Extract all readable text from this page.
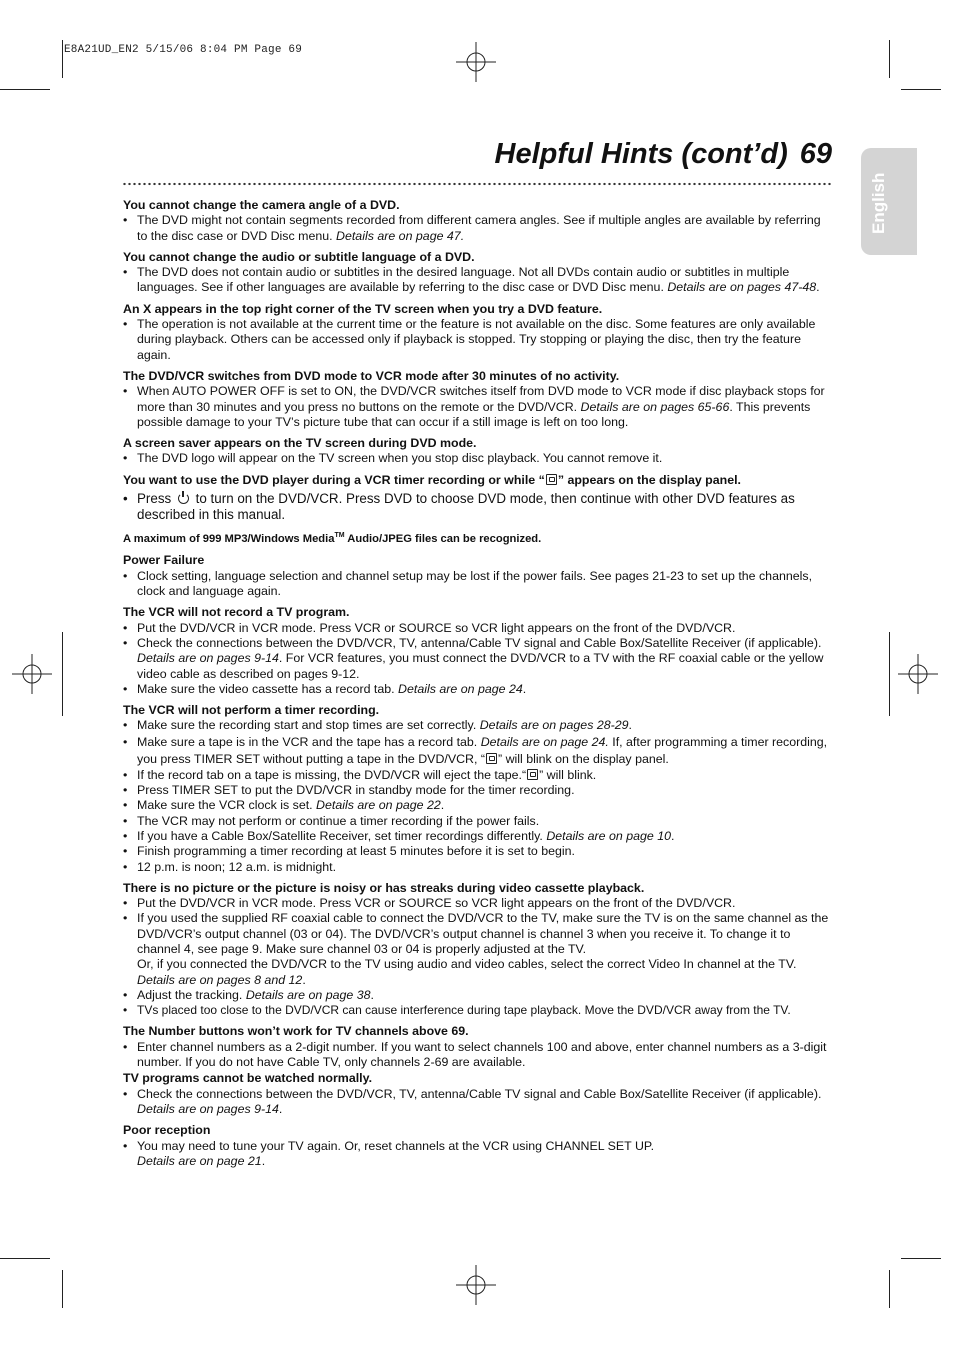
E8A21UD_EN2 5/15/06 8:04 PM Page 69
Helpful Hints (cont’d) 69
English
You cannot change the camera angle of a DVD.
• The DVD might not contain segments recorded from different camera angles. See if multiple angles are available by referring to the disc case or DVD Disc menu. Details are on page 47.
You cannot change the audio or subtitle language of a DVD.
• The DVD does not contain audio or subtitles in the desired language. Not all DVDs contain audio or subtitles in multiple languages. See if other languages are available by referring to the disc case or DVD Disc menu. Details are on pages 47-48.
An X appears in the top right corner of the TV screen when you try a DVD feature.
• The operation is not available at the current time or the feature is not available on the disc. Some features are only available during playback. Others can be accessed only if playback is stopped. Try stopping or playing the disc, then try the feature again.
The DVD/VCR switches from DVD mode to VCR mode after 30 minutes of no activity.
• When AUTO POWER OFF is set to ON, the DVD/VCR switches itself from DVD mode to VCR mode if disc playback stops for more than 30 minutes and you press no buttons on the remote or the DVD/VCR. Details are on pages 65-66. This prevents possible damage to your TV’s picture tube that can occur if a still image is left on too long.
A screen saver appears on the TV screen during DVD mode.
• The DVD logo will appear on the TV screen when you stop disc playback. You cannot remove it.
You want to use the DVD player during a VCR timer recording or while “ ” appears on the display panel.
• Press  to turn on the DVD/VCR. Press DVD to choose DVD mode, then continue with other DVD features as described in this manual.
A maximum of 999 MP3/Windows Media™ Audio/JPEG files can be recognized.
Power Failure
• Clock setting, language selection and channel setup may be lost if the power fails. See pages 21-23 to set up the channels, clock and language again.
The VCR will not record a TV program.
• Put the DVD/VCR in VCR mode. Press VCR or SOURCE so VCR light appears on the front of the DVD/VCR.
• Check the connections between the DVD/VCR, TV, antenna/Cable TV signal and Cable Box/Satellite Receiver (if applicable). Details are on pages 9-14. For VCR features, you must connect the DVD/VCR to a TV with the RF coaxial cable or the yellow video cable as described on pages 9-12.
• Make sure the video cassette has a record tab. Details are on page 24.
The VCR will not perform a timer recording.
• Make sure the recording start and stop times are set correctly. Details are on pages 28-29.
• Make sure a tape is in the VCR and the tape has a record tab. Details are on page 24. If, after programming a timer recording, you press TIMER SET without putting a tape in the DVD/VCR, “ ” will blink on the display panel.
• If the record tab on a tape is missing, the DVD/VCR will eject the tape.“ ” will blink.
• Press TIMER SET to put the DVD/VCR in standby mode for the timer recording.
• Make sure the VCR clock is set. Details are on page 22.
• The VCR may not perform or continue a timer recording if the power fails.
• If you have a Cable Box/Satellite Receiver, set timer recordings differently. Details are on page 10.
• Finish programming a timer recording at least 5 minutes before it is set to begin.
• 12 p.m. is noon; 12 a.m. is midnight.
There is no picture or the picture is noisy or has streaks during video cassette playback.
• Put the DVD/VCR in VCR mode. Press VCR or SOURCE so VCR light appears on the front of the DVD/VCR.
• If you used the supplied RF coaxial cable to connect the DVD/VCR to the TV, make sure the TV is on the same channel as the DVD/VCR’s output channel (03 or 04). The DVD/VCR’s output channel is channel 3 when you receive it. To change it to channel 4, see page 9. Make sure channel 03 or 04 is properly adjusted at the TV.
Or, if you connected the DVD/VCR to the TV using audio and video cables, select the correct Video In channel at the TV. Details are on pages 8 and 12.
• Adjust the tracking. Details are on page 38.
• TVs placed too close to the DVD/VCR can cause interference during tape playback. Move the DVD/VCR away from the TV.
The Number buttons won’t work for TV channels above 69.
• Enter channel numbers as a 2-digit number. If you want to select channels 100 and above, enter channel numbers as a 3-digit number. If you do not have Cable TV, only channels 2-69 are available.
TV programs cannot be watched normally.
• Check the connections between the DVD/VCR, TV, antenna/Cable TV signal and Cable Box/Satellite Receiver (if applicable). Details are on pages 9-14.
Poor reception
• You may need to tune your TV again. Or, reset channels at the VCR using CHANNEL SET UP.
Details are on page 21.
